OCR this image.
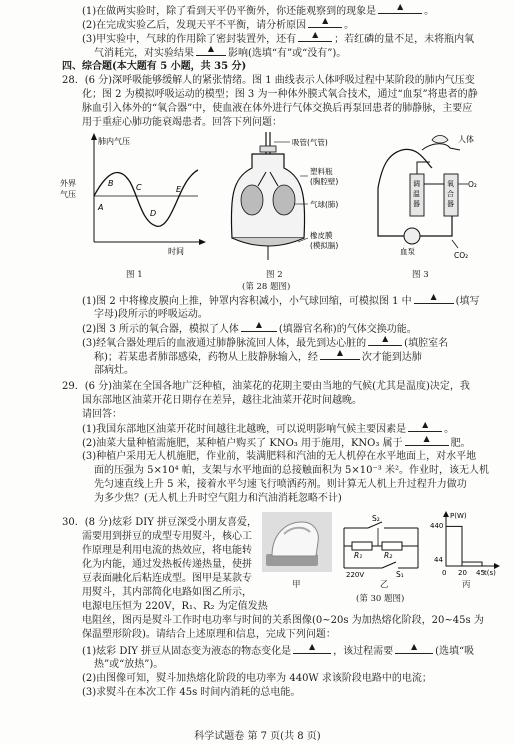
(1)在做两实验时，除了看到天平仍平衡外，你还能观察到的现象是	▲ 。
(2)在完成实验乙后，发现天平不平衡，请分析原因 ▲ 。
(3)甲实验中，气球的作用除了密封装置外，还有 ▲ ；若红磷的量不足，未将瓶内氧
气消耗完，对实验结果 ▲ 影响(选填“有”或“没有”)。
四、综合题(本大题有 5 小题，共 35 分)
28．(6 分)深呼吸能够缓解人的紧张情绪。图 1 曲线表示人体呼吸过程中某阶段的肺内气压变
化；图 2 为模拟呼吸运动的模型；图 3 为一种体外膜式氧合技术，通过“血泵”将患者的静
脉血引入体外的“氧合器”中，使血液在体外进行气体交换后再泵回患者的肺静脉，主要应
用于重症心肺功能衰竭患者。回答下列问题：
肺内气压
外界
气压
A
B	C
D
E
时间
图 1
吸管(气管)
塑料瓶
(胸腔壁)
气球(肺)
橡皮膜
(模拟膈)
图 2
人体
调
温
器
氧
合
器
O₂
血泵	CO₂
图 3
(第 28 题图)
(1)图 2 中将橡皮膜向上推，钟罩内容积减小，小气球回缩，可模拟图 1 中 ▲ (填写
字母)段所示的呼吸运动。
(2)图 3 所示的氧合器，模拟了人体 ▲ (填器官名称)的气体交换功能。
(3)经氧合器处理后的血液通过肺静脉流回人体，最先到达心脏的 ▲ (填腔室名
称)；若某患者肺部感染，药物从上肢静脉输入，经 ▲ 次才能到达肺
部病灶。
29．(6 分)油菜在全国各地广泛种植，油菜花的花期主要由当地的气候(尤其是温度)决定，我
国东部地区油菜开花日期存在差异，越往北油菜开花时间越晚。
请回答：
(1)我国东部地区油菜开花时间越往北越晚，可以说明影响气候主要因素是 ▲ 。
(2)油菜大量种植需施肥，某种植户购买了 KNO₃ 用于施用，KNO₃ 属于	▲ 肥。
(3)种植户采用无人机施肥，作业前，装满肥料和汽油的无人机停在水平地面上，对水平地
面的压强为 5×10⁴ 帕，支架与水平地面的总接触面积为 5×10⁻³ 米²。作业时，该无人机
先匀速直线上升 5 米，接着水平匀速飞行喷洒药剂。则计算无人机上升过程升力做功
为多少焦？(无人机上升时空气阻力和汽油消耗忽略不计)
30．(8 分)炫彩 DIY 拼豆深受小朋友喜爱，
需要用到拼豆的成型专用熨斗，核心工
作原理是利用电流的热效应，将电能转
化为内能，通过发热板传递热量，使拼
豆表面融化后粘连成型。图甲是某款专
用熨斗，其内部简化电路如图乙所示，
电源电压恒为 220V，R₁、R₂ 为定值发热
电阻丝，图丙是熨斗工作时电功率与时间的关系图像(0~20s 为加热熔化阶段，20~45s 为
保温塑形阶段)。请结合上述原理和信息，完成下列问题：
甲
S₂
R₁	R₂
220V	S₁
乙
P(W)
440
44
0 20 45 t(s)
丙
(第 30 题图)
(1)炫彩 DIY 拼豆从固态变为液态的物态变化是 ▲ ，该过程需要 ▲ (选填“吸
热”或“放热”)。
(2)由图像可知，熨斗加热熔化阶段的电功率为 440W 求该阶段电路中的电流；
(3)求熨斗在本次工作 45s 时间内消耗的总电能。
科学试题卷 第 7 页(共 8 页)
